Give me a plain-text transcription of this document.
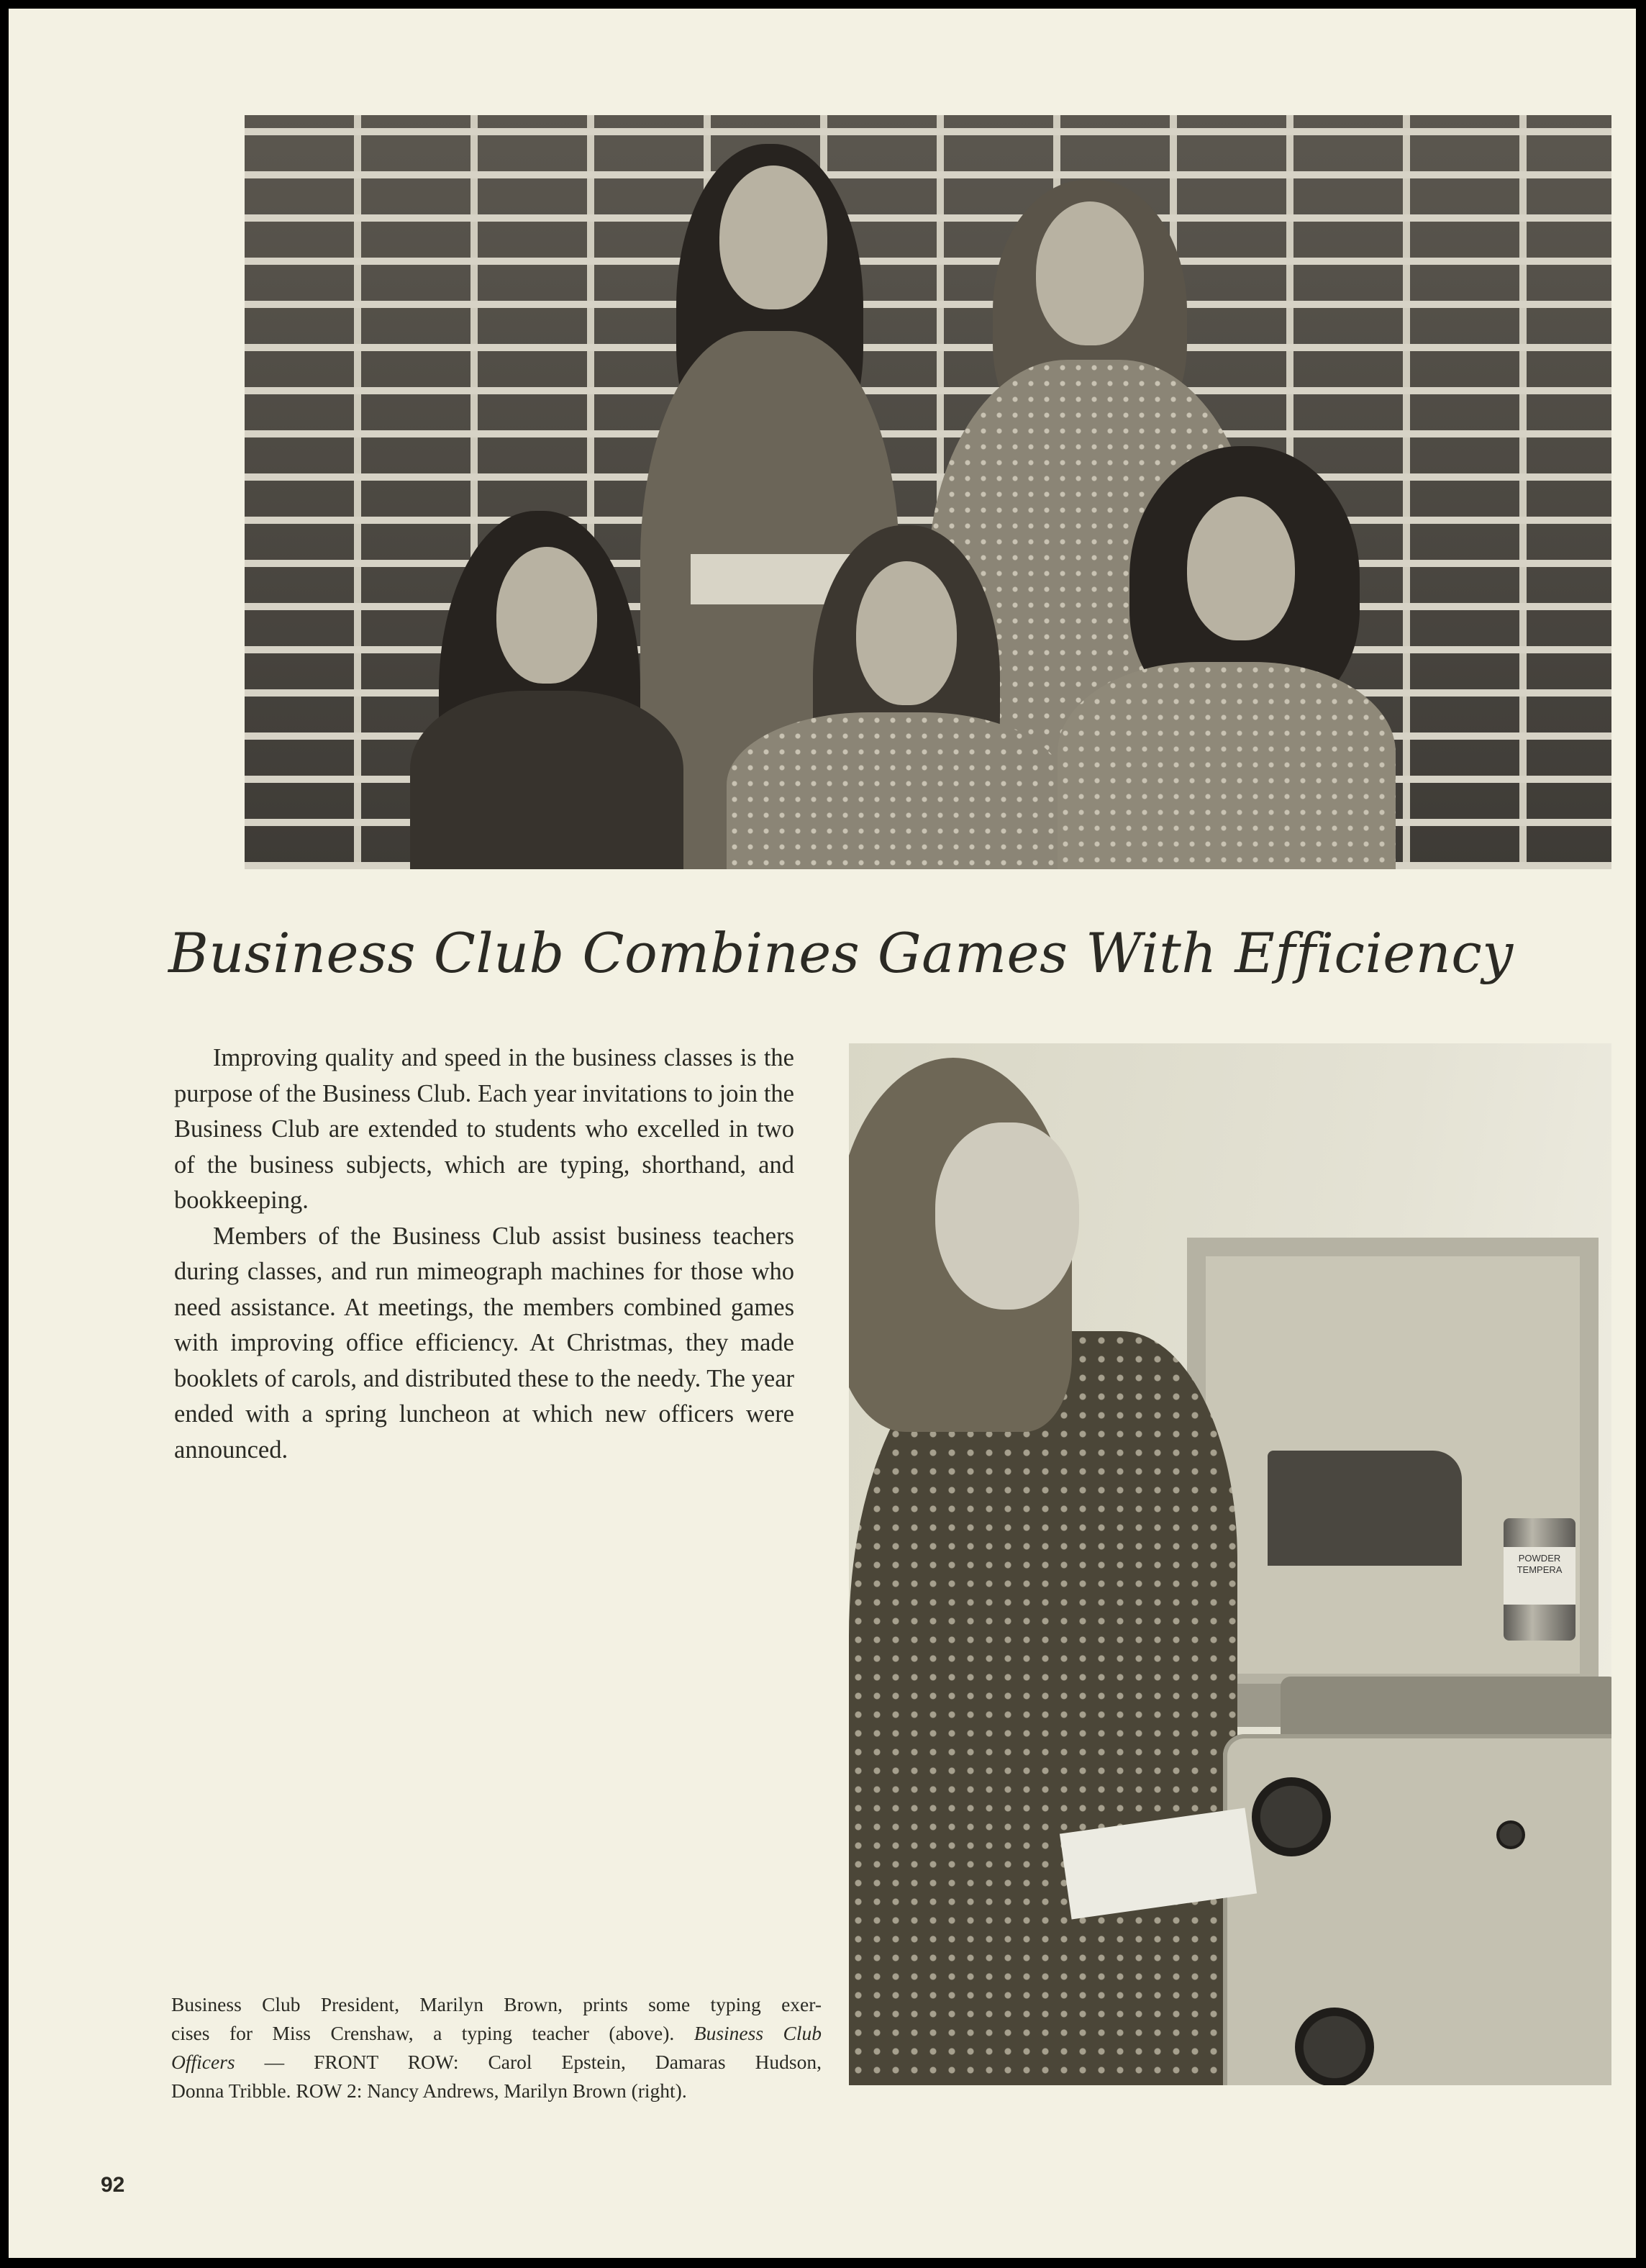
Business Club Combines Games With Efficiency

Improving quality and speed in the business classes is the purpose of the Business Club. Each year invitations to join the Business Club are extended to students who excelled in two of the business subjects, which are typing, shorthand, and bookkeeping.

Members of the Business Club assist business teachers during classes, and run mimeograph machines for those who need assistance. At meetings, the members combined games with improving office efficiency. At Christmas, they made booklets of carols, and distributed these to the needy. The year ended with a spring luncheon at which new officers were announced.

POWDER TEMPERA

Business Club President, Marilyn Brown, prints some typing exer-
cises for Miss Crenshaw, a typing teacher (above). Business Club
Officers — FRONT ROW: Carol Epstein, Damaras Hudson,
Donna Tribble. ROW 2: Nancy Andrews, Marilyn Brown (right).

92
